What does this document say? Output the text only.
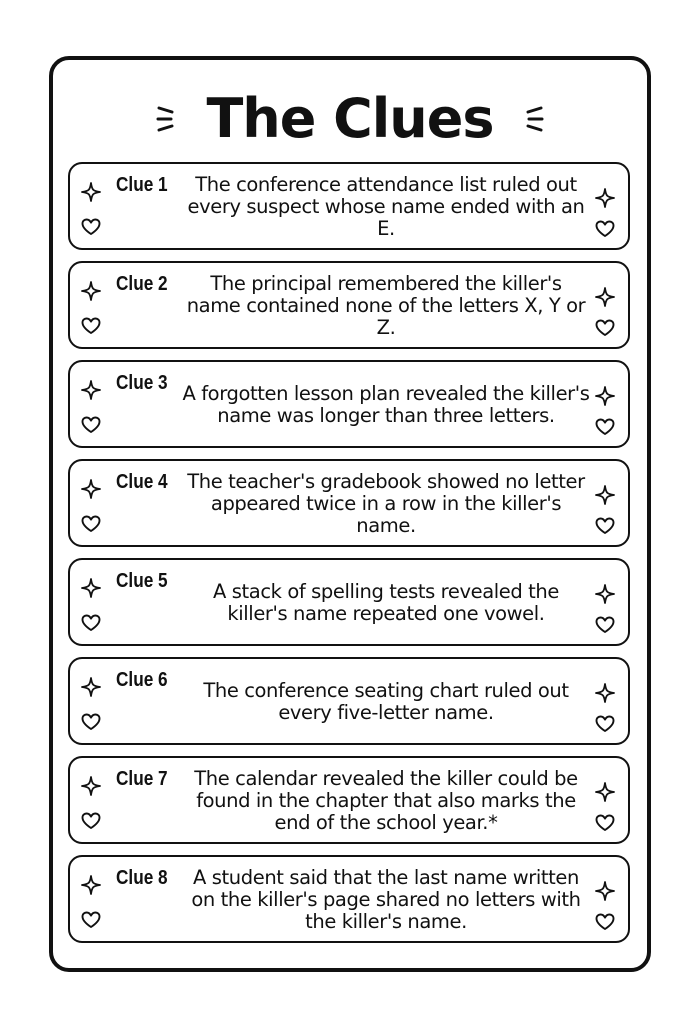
The Clues
Clue 1	The conference attendance list ruled out every suspect whose name ended with an E.
Clue 2	The principal remembered the killer's name contained none of the letters X, Y or Z.
Clue 3 A forgotten lesson plan revealed the killer's name was longer than three letters.
Clue 4 The teacher's gradebook showed no letter appeared twice in a row in the killer's name.
Clue 5	A stack of spelling tests revealed the killer's name repeated one vowel.
Clue 6	The conference seating chart ruled out every five-letter name.
Clue 7	The calendar revealed the killer could be found in the chapter that also marks the end of the school year.*
Clue 8	A student said that the last name written on the killer's page shared no letters with the killer's name.
